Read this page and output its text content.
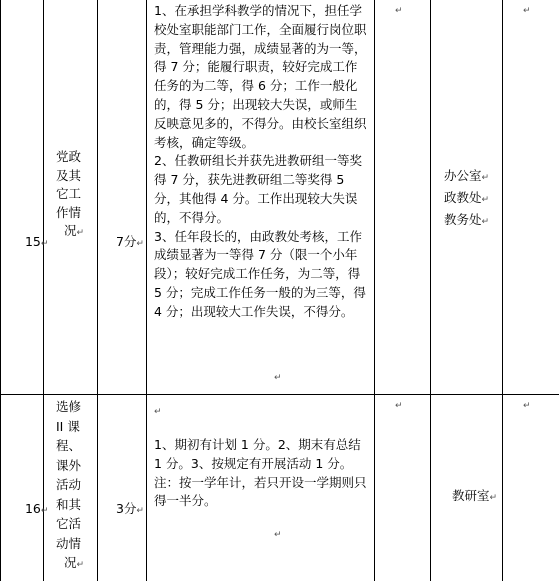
15↵

党政
及其
它工
作情
况↵

7分↵

1、在承担学科教学的情况下，担任学校处室职能部门工作，全面履行岗位职责，管理能力强，成绩显著的为一等，得 7 分；能履行职责，较好完成工作任务的为二等，得 6 分；工作一般化的，得 5 分；出现较大失误，或师生反映意见多的，不得分。由校长室组织考核，确定等级。
2、任教研组长并获先进教研组一等奖得 7 分，获先进教研组二等奖得 5 分，其他得 4 分。工作出现较大失误的，不得分。
3、任年段长的，由政教处考核，工作成绩显著为一等得 7 分（限一个小年段）；较好完成工作任务，为二等，得 5 分；完成工作任务一般的为三等，得 4 分；出现较大工作失误，不得分。
↵
↵
办公室↵
政教处↵
教务处↵
↵

16↵

选修
II 课
程、
课外
活动
和其
它活
动情
况↵

3分↵

↵
1、期初有计划 1 分。2、期末有总结 1 分。3、按规定有开展活动 1 分。
注：按一学年计，若只开设一学期则只得一半分。
↵
↵

教研室↵

↵
